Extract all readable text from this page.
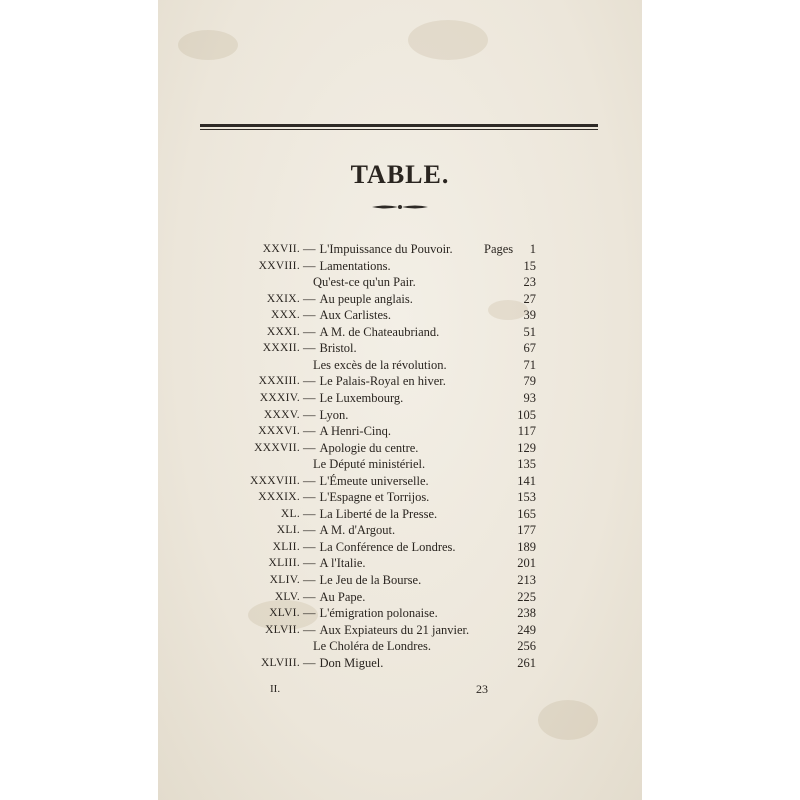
TABLE.
XXVII. — L'Impuissance du Pouvoir.	Pages 1
XXVIII. — Lamentations.	15
Qu'est-ce qu'un Pair.	23
XXIX. — Au peuple anglais.	27
XXX. — Aux Carlistes.	39
XXXI. — A M. de Chateaubriand.	51
XXXII. — Bristol.	67
Les excès de la révolution.	71
XXXIII. — Le Palais-Royal en hiver.	79
XXXIV. — Le Luxembourg.	93
XXXV. — Lyon.	105
XXXVI. — A Henri-Cinq.	117
XXXVII. — Apologie du centre.	129
Le Député ministériel.	135
XXXVIII. — L'Émeute universelle.	141
XXXIX. — L'Espagne et Torrijos.	153
XL. — La Liberté de la Presse.	165
XLI. — A M. d'Argout.	177
XLII. — La Conférence de Londres.	189
XLIII. — A l'Italie.	201
XLIV. — Le Jeu de la Bourse.	213
XLV. — Au Pape.	225
XLVI. — L'émigration polonaise.	238
XLVII. — Aux Expiateurs du 21 janvier.	249
Le Choléra de Londres.	256
XLVIII. — Don Miguel.	261
II.	23
